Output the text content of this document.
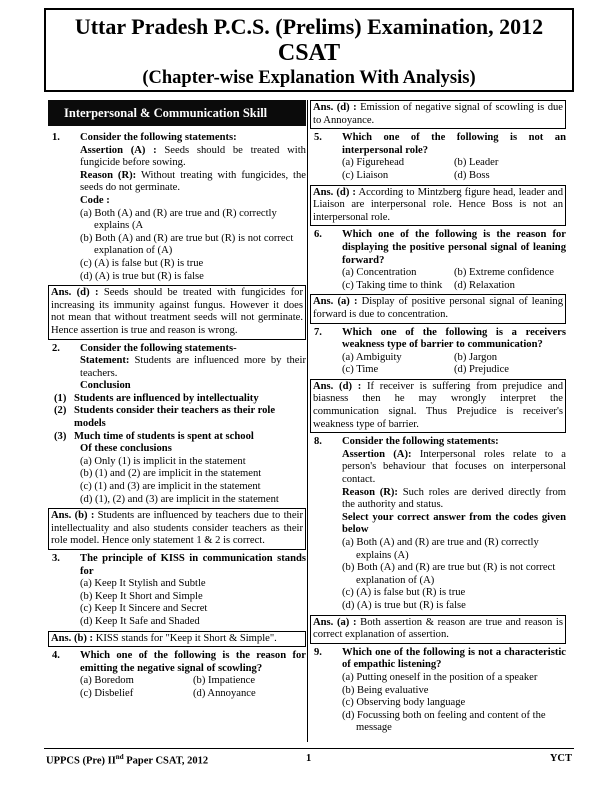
Uttar Pradesh P.C.S. (Prelims) Examination, 2012
CSAT
(Chapter-wise Explanation With Analysis)
Interpersonal & Communication Skill
1. Consider the following statements:
Assertion (A) : Seeds should be treated with fungicide before sowing.
Reason (R): Without treating with fungicides, the seeds do not germinate.
Code :
(a) Both (A) and (R) are true and (R) correctly explains (A
(b) Both (A) and (R) are true but (R) is not correct explanation of (A)
(c) (A) is false but (R) is true
(d) (A) is true but (R) is false
Ans. (d) : Seeds should be treated with fungicides for increasing its immunity against fungus. However it does not mean that without treatment seeds will not germinate. Hence assertion is true and reason is wrong.
2. Consider the following statements-
Statement: Students are influenced more by their teachers.
Conclusion
(1) Students are influenced by intellectuality
(2) Students consider their teachers as their role models
(3) Much time of students is spent at school
Of these conclusions
(a) Only (1) is implicit in the statement
(b) (1) and (2) are implicit in the statement
(c) (1) and (3) are implicit in the statement
(d) (1), (2) and (3) are implicit in the statement
Ans. (b) : Students are influenced by teachers due to their intellectuality and also students consider teachers as their role model. Hence only statement 1 & 2 is correct.
3. The principle of KISS in communication stands for
(a) Keep It Stylish and Subtle
(b) Keep It Short and Simple
(c) Keep It Sincere and Secret
(d) Keep It Safe and Shaded
Ans. (b) : KISS stands for "Keep it Short & Simple".
4. Which one of the following is the reason for emitting the negative signal of scowling?
(a) Boredom	(b) Impatience
(c) Disbelief	(d) Annoyance
Ans. (d) : Emission of negative signal of scowling is due to Annoyance.
5. Which one of the following is not an interpersonal role?
(a) Figurehead	(b) Leader
(c) Liaison	(d) Boss
Ans. (d) : According to Mintzberg figure head, leader and Liaison are interpersonal role. Hence Boss is not an interpersonal role.
6. Which one of the following is the reason for displaying the positive personal signal of leaning forward?
(a) Concentration	(b) Extreme confidence
(c) Taking time to think	(d) Relaxation
Ans. (a) : Display of positive personal signal of leaning forward is due to concentration.
7. Which one of the following is a receivers weakness type of barrier to communication?
(a) Ambiguity	(b) Jargon
(c) Time	(d) Prejudice
Ans. (d) : If receiver is suffering from prejudice and biasness then he may wrongly interpret the communication signal. Thus Prejudice is receiver's weakness type of barrier.
8. Consider the following statements:
Assertion (A): Interpersonal roles relate to a person's behaviour that focuses on interpersonal contact.
Reason (R): Such roles are derived directly from the authority and status.
Select your correct answer from the codes given below
(a) Both (A) and (R) are true and (R) correctly explains (A)
(b) Both (A) and (R) are true but (R) is not correct explanation of (A)
(c) (A) is false but (R) is true
(d) (A) is true but (R) is false
Ans. (a) : Both assertion & reason are true and reason is correct explanation of assertion.
9. Which one of the following is not a characteristic of empathic listening?
(a) Putting oneself in the position of a speaker
(b) Being evaluative
(c) Observing body language
(d) Focussing both on feeling and content of the message
UPPCS (Pre) IInd Paper CSAT, 2012	1	YCT
